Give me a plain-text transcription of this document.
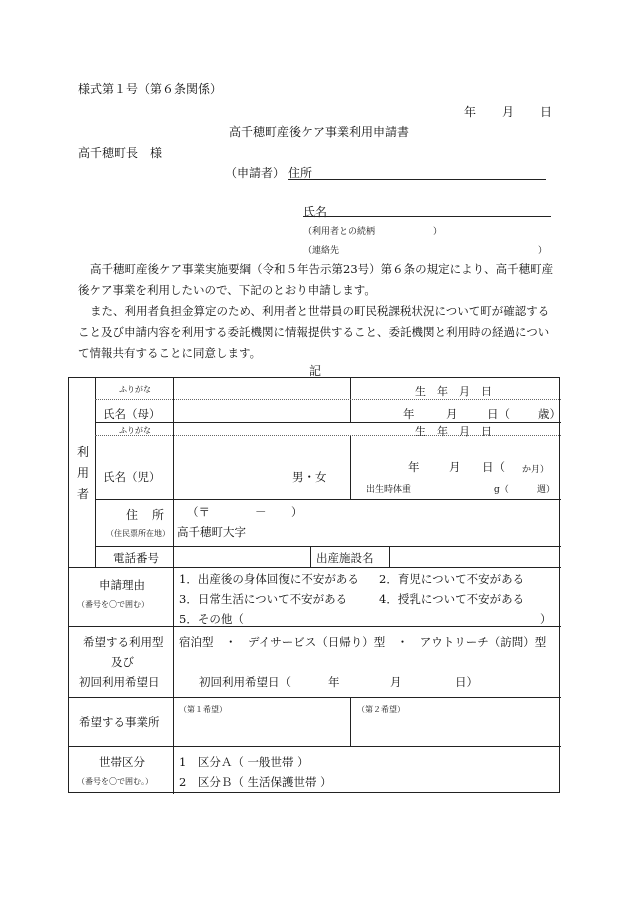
様式第１号（第６条関係）
年 月 日
高千穂町産後ケア事業利用申請書
高千穂町長　様
（申請者） 住所
氏名
（利用者との続柄	）
（連絡先	）
高千穂町産後ケア事業実施要綱（令和５年告示第23号）第６条の規定により、高千穂町産後ケア事業を利用したいので、下記のとおり申請します。
また、利用者負担金算定のため、利用者と世帯員の町民税課税状況について町が確認すること及び申請内容を利用する委託機関に情報提供すること、委託機関と利用時の経過について情報共有することに同意します。
記
利
用
者
ふりがな	生　年　月　日
氏名（母）	年	月	日（ 歳）
ふりがな	生　年　月　日
氏名（児）	男・女
年	月 日（ か月）
出生時体重	g（	週）
住 所
（住民票所在地）
（〒	－ ）
高千穂町大字
電話番号	出産施設名
申請理由
（番号を〇で囲む）
1．出産後の身体回復に不安がある 2．育児について不安がある
3．日常生活について不安がある	4．授乳について不安がある
5．その他（	）
希望する利用型
及び
初回利用希望日
宿泊型　・　デイサービス（日帰り）型　・　アウトリーチ（訪問）型
初回利用希望日（	年	月	日）
希望する事業所
（第１希望）	（第２希望）
世帯区分
（番号を〇で囲む。）
1　区分Ａ（ 一般世帯 ）
2　区分Ｂ（ 生活保護世帯 ）
